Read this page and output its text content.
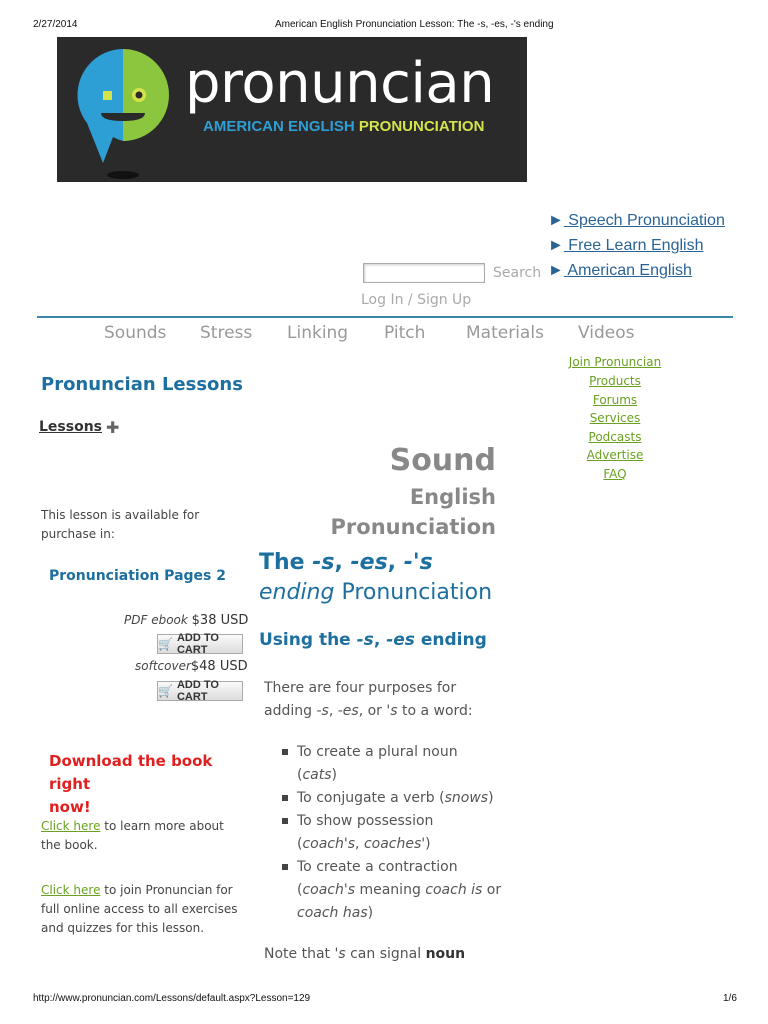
2/27/2014	American English Pronunciation Lesson: The -s, -es, -'s ending
pronuncian
AMERICAN ENGLISH PRONUNCIATION
► Speech Pronunciation
► Free Learn English
► American English
Search
Log In / Sign Up
Sounds Stress Linking Pitch Materials Videos
Join Pronuncian
Products
Forums
Services
Podcasts
Advertise
FAQ
Pronuncian Lessons
Lessons ✚
This lesson is available for
purchase in:
Pronunciation Pages 2
PDF ebook $38 USD
🛒 ADD TO CART
softcover$48 USD
🛒 ADD TO CART
Download the book right
now!
Click here to learn more about
the book.
Click here to join Pronuncian for
full online access to all exercises
and quizzes for this lesson.
Sound
English
Pronunciation
The -s, -es, -'s
ending Pronunciation
Using the -s, -es ending
There are four purposes for
adding -s, -es, or 's to a word:
To create a plural noun
(cats)
To conjugate a verb (snows)
To show possession
(coach's, coaches')
To create a contraction
(coach's meaning coach is or
coach has)
Note that 's can signal noun
http://www.pronuncian.com/Lessons/default.aspx?Lesson=129	1/6
